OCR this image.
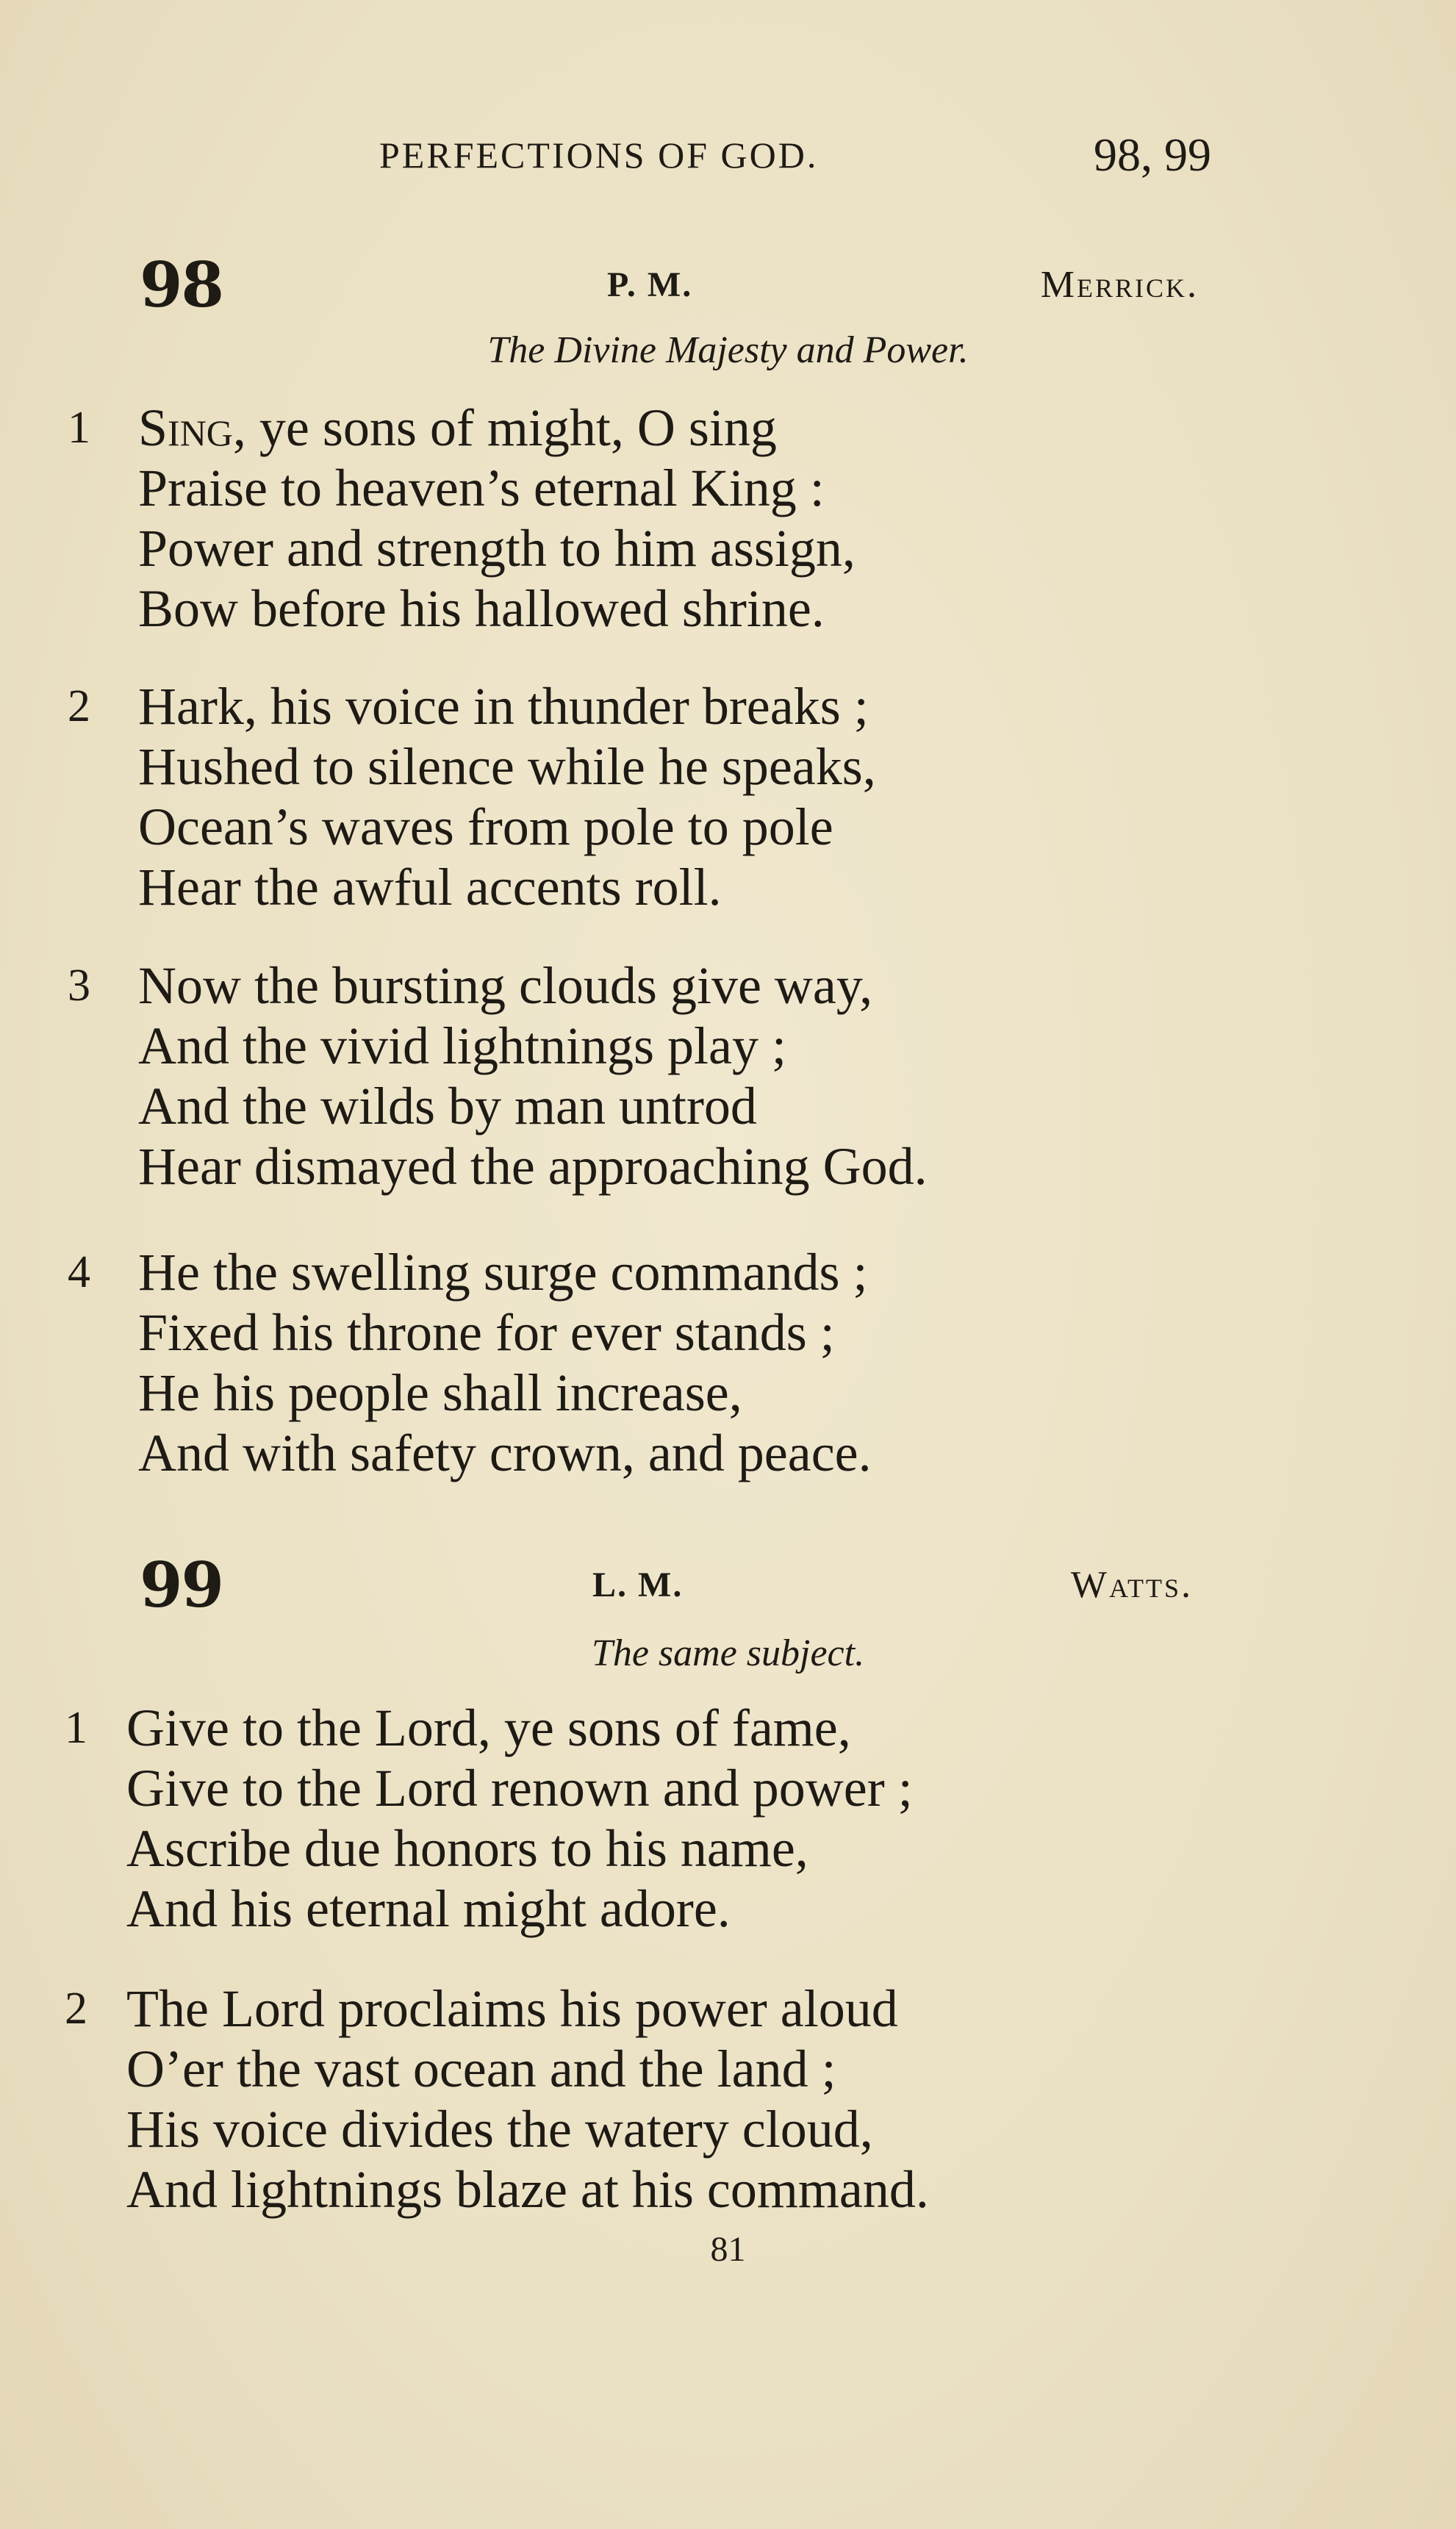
PERFECTIONS OF GOD.	98, 99
98	P. M.	Merrick.
The Divine Majesty and Power.
1 Sing, ye sons of might, O sing
Praise to heaven’s eternal King :
Power and strength to him assign,
Bow before his hallowed shrine.
2 Hark, his voice in thunder breaks ;
Hushed to silence while he speaks,
Ocean’s waves from pole to pole
Hear the awful accents roll.
3 Now the bursting clouds give way,
And the vivid lightnings play ;
And the wilds by man untrod
Hear dismayed the approaching God.
4 He the swelling surge commands ;
Fixed his throne for ever stands ;
He his people shall increase,
And with safety crown, and peace.
99	L. M.	Watts.
The same subject.
1 Give to the Lord, ye sons of fame,
Give to the Lord renown and power ;
Ascribe due honors to his name,
And his eternal might adore.
2 The Lord proclaims his power aloud
O’er the vast ocean and the land ;
His voice divides the watery cloud,
And lightnings blaze at his command.
81
